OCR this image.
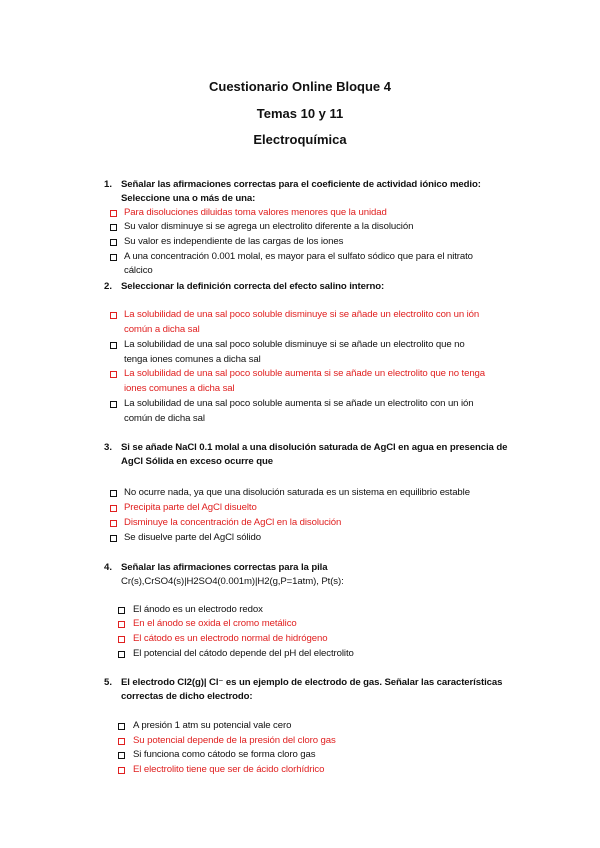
Cuestionario Online Bloque 4
Temas 10 y 11
Electroquímica
1. Señalar las afirmaciones correctas para el coeficiente de actividad iónico medio:
Seleccione una o más de una:
Para disoluciones diluidas toma valores menores que la unidad
Su valor disminuye si se agrega un electrolito diferente a la disolución
Su valor es independiente de las cargas de los iones
A una concentración 0.001 molal, es mayor para el sulfato sódico que para el nitrato
cálcico
2. Seleccionar la definición correcta del efecto salino interno:
La solubilidad de una sal poco soluble disminuye si se añade un electrolito con un ión
común a dicha sal
La solubilidad de una sal poco soluble disminuye si se añade un electrolito que no
tenga iones comunes a dicha sal
La solubilidad de una sal poco soluble aumenta si se añade un electrolito que no tenga
iones comunes a dicha sal
La solubilidad de una sal poco soluble aumenta si se añade un electrolito con un ión
común de dicha sal
3. Si se añade NaCl 0.1 molal a una disolución saturada de AgCl en agua en presencia de
AgCl Sólida en exceso ocurre que
No ocurre nada, ya que una disolución saturada es un sistema en equilibrio estable
Precipita parte del AgCl disuelto
Disminuye la concentración de AgCl en la disolución
Se disuelve parte del AgCl sólido
4. Señalar las afirmaciones correctas para la pila
Cr(s),CrSO4(s)|H2SO4(0.001m)|H2(g,P=1atm), Pt(s):
El ánodo es un electrodo redox
En el ánodo se oxida el cromo metálico
El cátodo es un electrodo normal de hidrógeno
El potencial del cátodo depende del pH del electrolito
5. El electrodo Cl2(g)| Cl⁻ es un ejemplo de electrodo de gas. Señalar las características
correctas de dicho electrodo:
A presión 1 atm su potencial vale cero
Su potencial depende de la presión del cloro gas
Si funciona como cátodo se forma cloro gas
El electrolito tiene que ser de ácido clorhídrico
